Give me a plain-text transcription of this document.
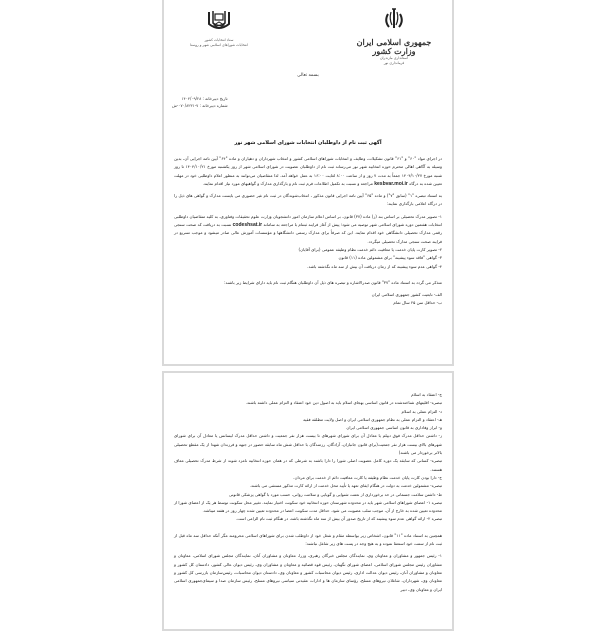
جمهوری اسلامی ایران
وزارت کشور
استانداری مازندران
فرمانداری نور
ستاد انتخابات کشور
انتخابات شوراهای اسلامی شهر و روستا
بسمه تعالی
تاریخ دبیرخانه : ۱۴۰۴/۰۹/۲۸
شماره دبیرخانه : ۷-۰۷۰/۸۲۳۱-ش
آگهی ثبت نام از داوطلبان انتخابات شورای اسلامی شهر نور

در اجرای مواد "۶۰" و "۶۱" قانون تشکیلات، وظایف و انتخابات شوراهای اسلامی کشور و انتخاب شهرداران و دهیاران و ماده "۶۴" آیین نامه اجرایی آن، بدین وسیله به آگاهی اهالی محترم حوزه انتخابیه شهر نور می‌رساند ثبت نام از داوطلبان عضویت در شورای اسلامی شهر از روز یکشنبه مورخ ۱۴۰۴/۱۰/۲۱ تا روز شنبه مورخ ۱۴۰۴/۱۰/۲۷ جمعاً به مدت ۷ روز و از ساعت ۸:۰۰ لغایت ۱۶:۰۰ به عمل خواهد آمد. لذا متقاضیان می‌توانند به منظور اعلام داوطلبی خود در مهلت تعیین شده به درگاه kesbvar.moi.ir مراجعه و نسبت به تکمیل اطلاعات فرم ثبت نام و بارگذاری مدارک و گواهیهای مورد نیاز اقدام نمایند.

به استناد تبصره "۱" (سابق "۷") و ماده "۶۵" آیین نامه اجرایی قانون مذکور ، انتخاب‌شوندگان در ثبت نام غیر حضوری می بایست مدارک و گواهی های ذیل را در درگاه اعلامی بارگذاری نمایند:

۱- تصویر مدرک تحصیلی بر اساس بند (ز) ماده (۳۷) قانون. بر اساس اعلام سازمان امور دانشجویان وزارت علوم تحقیقات وفناوری، به کلیه متقاضیان داوطلبی انتخابات هفتمین دوره شورای اسلامی شهر توصیه می شود؛ پیش از آغاز فرایند ثبتنام با مراجعه به سامانه codeshsat.ir نسبت به دریافت کد صحت سنجی رقمی مدارک تحصیلی دانشگاهی خود اقدام نمایند. این کد صرفاً برای مدارک رسمی دانشگاهها و مؤسسات آموزش عالی صادر میشود و موجب تسریع در فرایند صحت سنجی مدارک تحصیلی میگردد.
۲- تصویر کارت پایان خدمت یا معافیت دائم خدمت نظام وظیفه عمومی (برای آقایان)
۳- گواهی "فاقد سوء پیشینه" برای مشمولین ماده (۱۱) قانون
۴- گواهی عدم سوء پیشینه که از زمان دریافت آن بیش از سه ماه نگذشته باشد.

متذکر می گردد به استناد ماده "۳۷" قانون صدرالاشاره و تبصره های ذیل آن داوطلبان هنگام ثبت نام باید دارای شرایط زیر باشند:

الف- تابعیت کشور جمهوری اسلامی ایران
ب- حداقل سن ۲۵ سال تمام
ج- اعتقاد به اسلام
تبصره- اقلیتهای شناخته‌شده در قانون اساسی بهجای اسلام باید به اصول دین خود اعتقاد و التزام عملی داشته باشند.
د- التزام عملی به اسلام
هـ- اعتقاد و التزام عملی به نظام جمهوری اسلامی ایران و اصل ولایت مطلقه فقیه
و- ابراز وفاداری به قانون اساسی جمهوری اسلامی ایران
ز- داشتن حداقل مدرک فوق دیپلم یا معادل آن برای شورای شهرهای تا بیست هزار نفر جمعیت و داشتن حداقل مدرک لیسانس یا معادل آن برای شورای شهرهای بالای بیست هزار نفر جمعیت(برای قانون جانبازان، آزادگان، رزمندگان با حداقل شش ماه سابقه حضور در جبهه و فرزندان شهدا از یک مقطع تحصیلی بالاتر برخوردار می باشند)
تبصره- کسانی که سابقه یک دوره کامل عضویت اصلی شورا را دارا باشند به شرطی که در همان حوزه انتخابیه نامزد شوند از شرط مدرک تحصیلی معاف هستند.
ح- دارا بودن کارت پایان خدمت نظام وظیفه یا کارت معافیت دائم از خدمت برای مردان.
تبصره- مشمولین خدمت به دولت در هنگام ایفای تعهد یا تأیید محل خدمت از ارائه کارت مذکور مستثنی می باشند.
ط- داشتن سلامت جسمانی در حد برخورداری از نعمت شنوایی و گویایی و سلامت روانی، حسب مورد با گواهی پزشکی قانونی
تبصره ۱- اعضای شوراهای اسلامی شهر باید در محدوده شهرستان حوزه انتخابیه خود سکونت اختیار نمایند. تغییر محل سکونت توسط هر یک از اعضای شورا از محدوده تعیین شده به خارج از آن، موجب سلب عضویت می شود. حداقل مدت سکونت اعضا در محدوده تعیین شده چهار روز در هفته میباشد.
تبصره ۲- ارائه گواهی عدم سوء پیشینه که از تاریخ صدور آن بیش از سه ماه نگذشته باشد، در هنگام ثبت نام الزامی است.

همچنین به استناد ماده "۱۱" قانون، اشخاص زیر بواسطه مقام و شغل خود از داوطلب شدن برای شوراهای اسلامی محرومند مگر آنکه حداقل سه ماه قبل از ثبت نام از سمت خود استعفا نموده و به هیچ وجه در پست های زیر شاغل نباشند:

۱- رئیس جمهور و مشاوران و معاونان وی، نمایندگان مجلس خبرگان رهبری، وزرا، معاونان و مشاوران آنان، نمایندگان مجلس شورای اسلامی، معاونان و مشاوران رئیس مجلس شورای اسلامی، اعضای شورای نگهبان، رئیس قوه قضائیه و معاونان و مشاوران وی، رئیس دیوان عالی کشور، دادستان کل کشور و معاونان و مشاوران آنان، رئیس دیوان عدالت اداری، رئیس دیوان محاسبات کشور و معاونان وی، دادستان دیوان محاسبات، رئیس‌سازمان بازرسی کل کشور و معاونان وی، شهرداران، شاغلان نیروهای مسلح، رؤسای سازمان ها و ادارات عقیدتی سیاسی نیروهای مسلح، رئیس سازمان صدا و سیمای‌جمهوری اسلامی ایران و معاونان وی، دبیر
